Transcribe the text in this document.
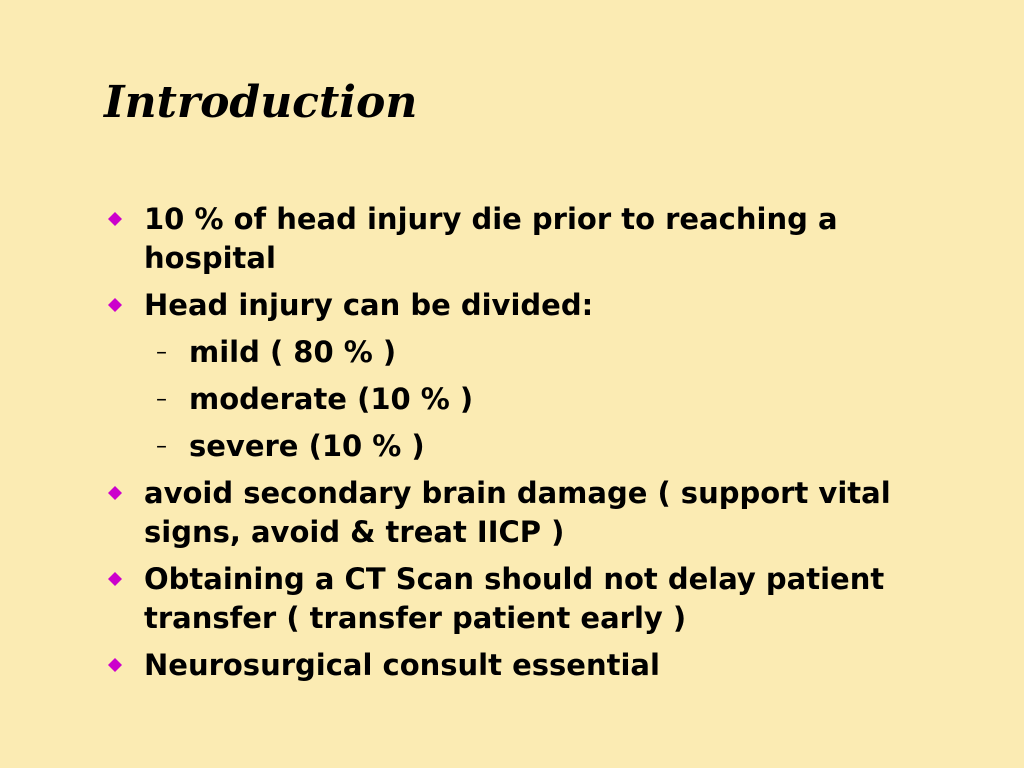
Introduction
10 % of head injury die prior to reaching a hospital
Head injury can be divided:
– mild ( 80 % )
– moderate (10 % )
– severe (10 % )
avoid secondary brain damage ( support vital signs, avoid & treat IICP )
Obtaining a CT Scan should not delay patient transfer ( transfer patient early )
Neurosurgical consult essential
